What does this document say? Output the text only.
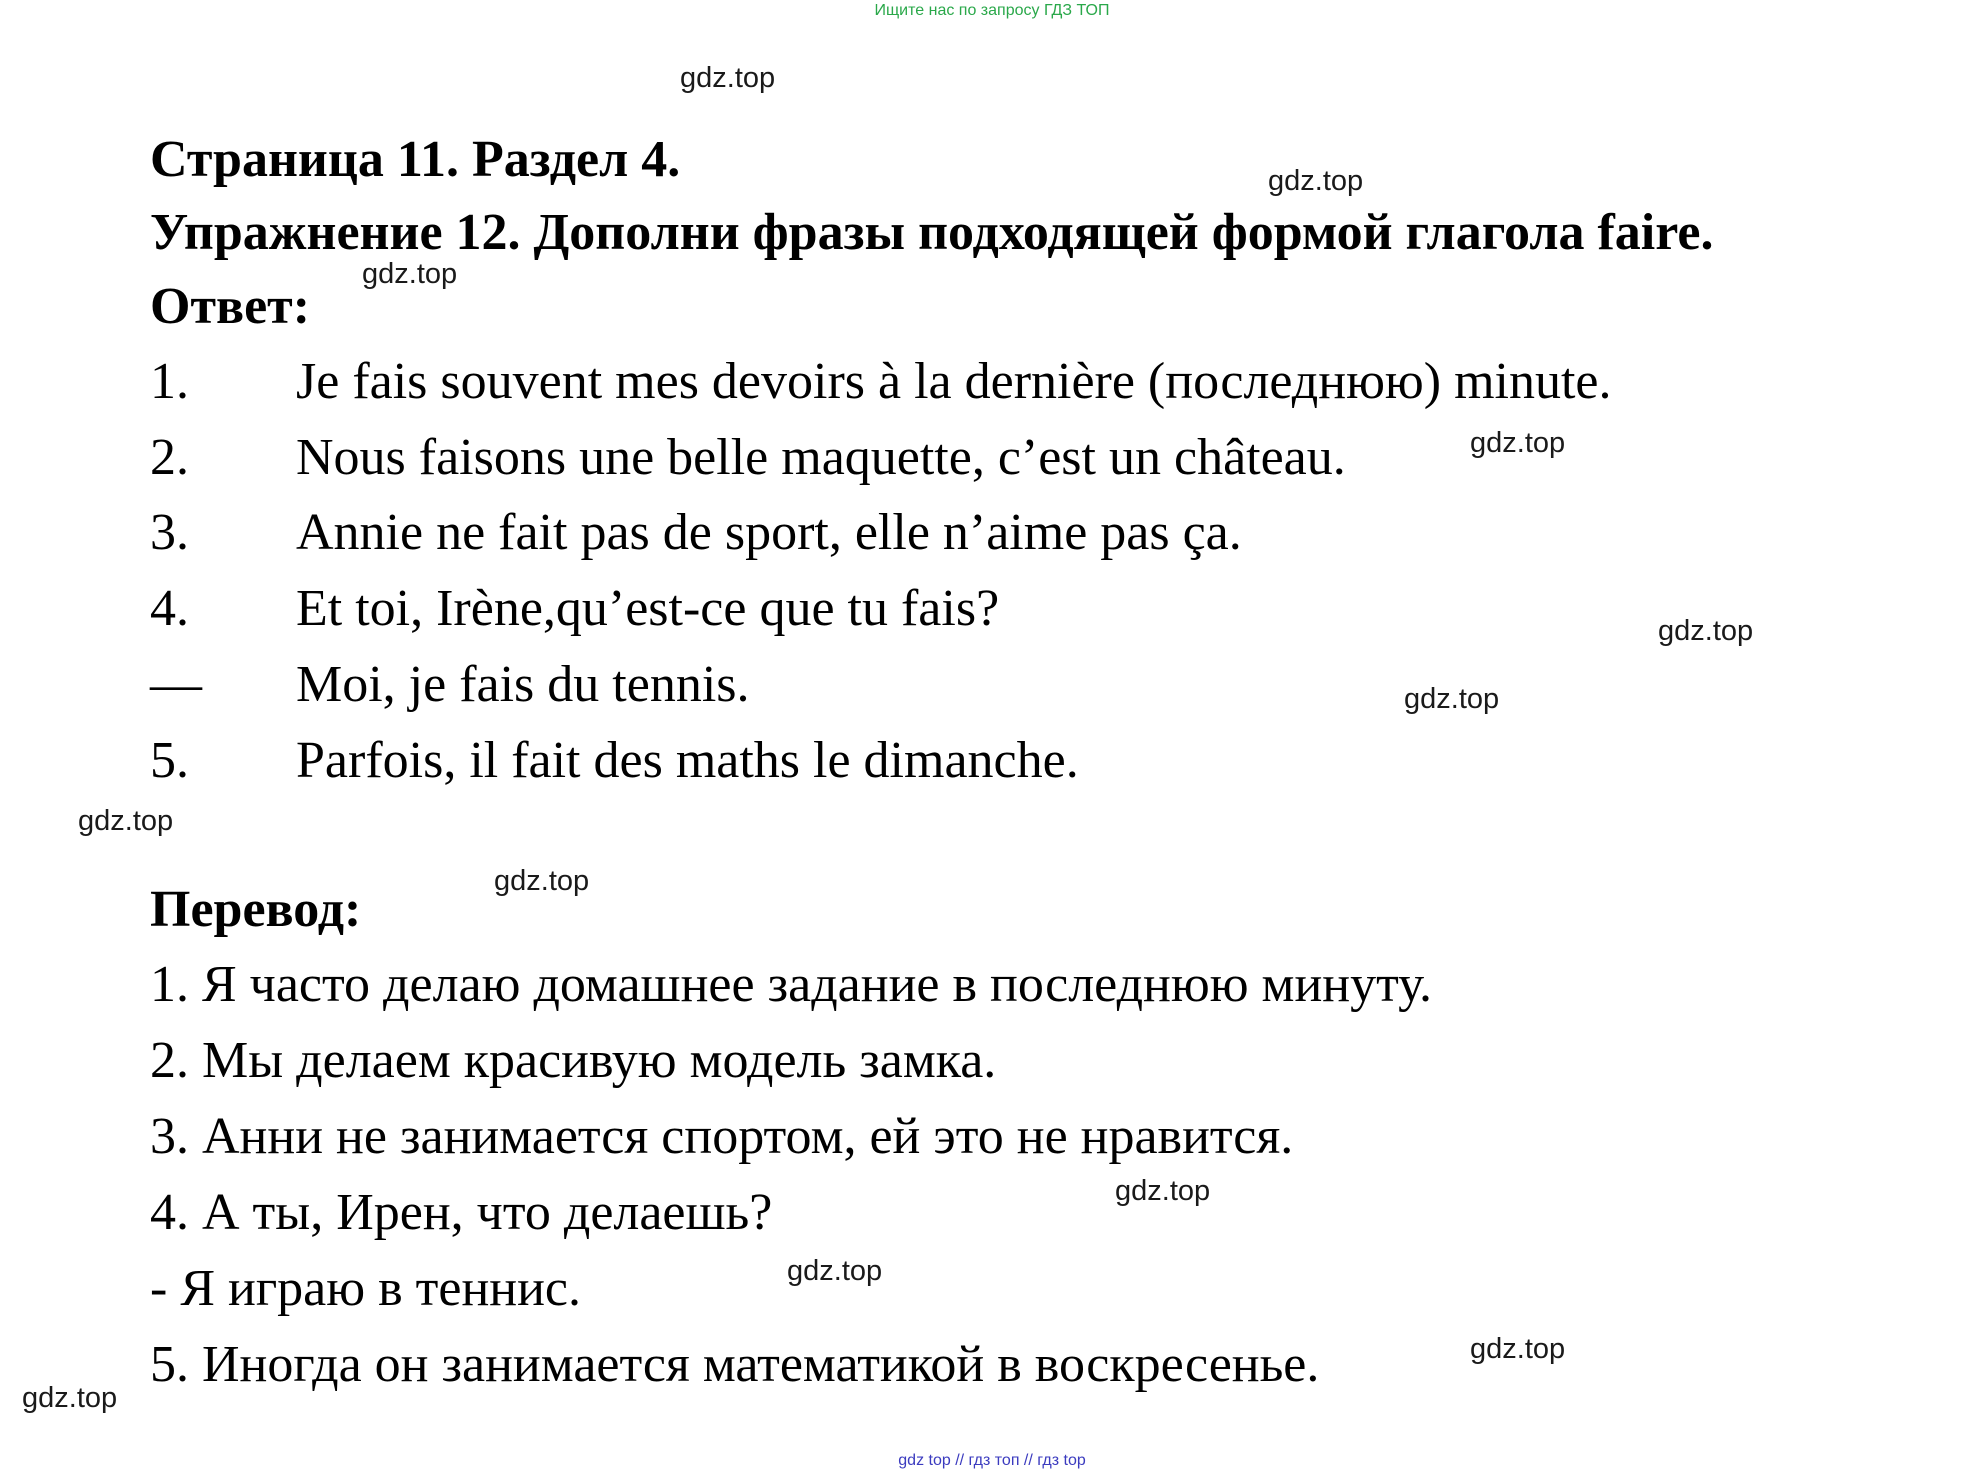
Ищите нас по запросу ГДЗ ТОП
gdz.top
gdz.top
gdz.top
gdz.top
gdz.top
gdz.top
gdz.top
gdz.top
gdz.top
gdz.top
gdz.top
gdz.top
Страница 11. Раздел 4.
Упражнение 12. Дополни фразы подходящей формой глагола faire.
Ответ:
1. Je fais souvent mes devoirs à la dernière (последнюю) minute.
2. Nous faisons une belle maquette, c’est un château.
3. Annie ne fait pas de sport, elle n’aime pas ça.
4. Et toi, Irène,qu’est-ce que tu fais?
— Moi, je fais du tennis.
5. Parfois, il fait des maths le dimanche.
Перевод:
1. Я часто делаю домашнее задание в последнюю минуту.
2. Мы делаем красивую модель замка.
3. Анни не занимается спортом, ей это не нравится.
4. А ты, Ирен, что делаешь?
- Я играю в теннис.
5. Иногда он занимается математикой в воскресенье.
gdz top // гдз топ // гдз top
